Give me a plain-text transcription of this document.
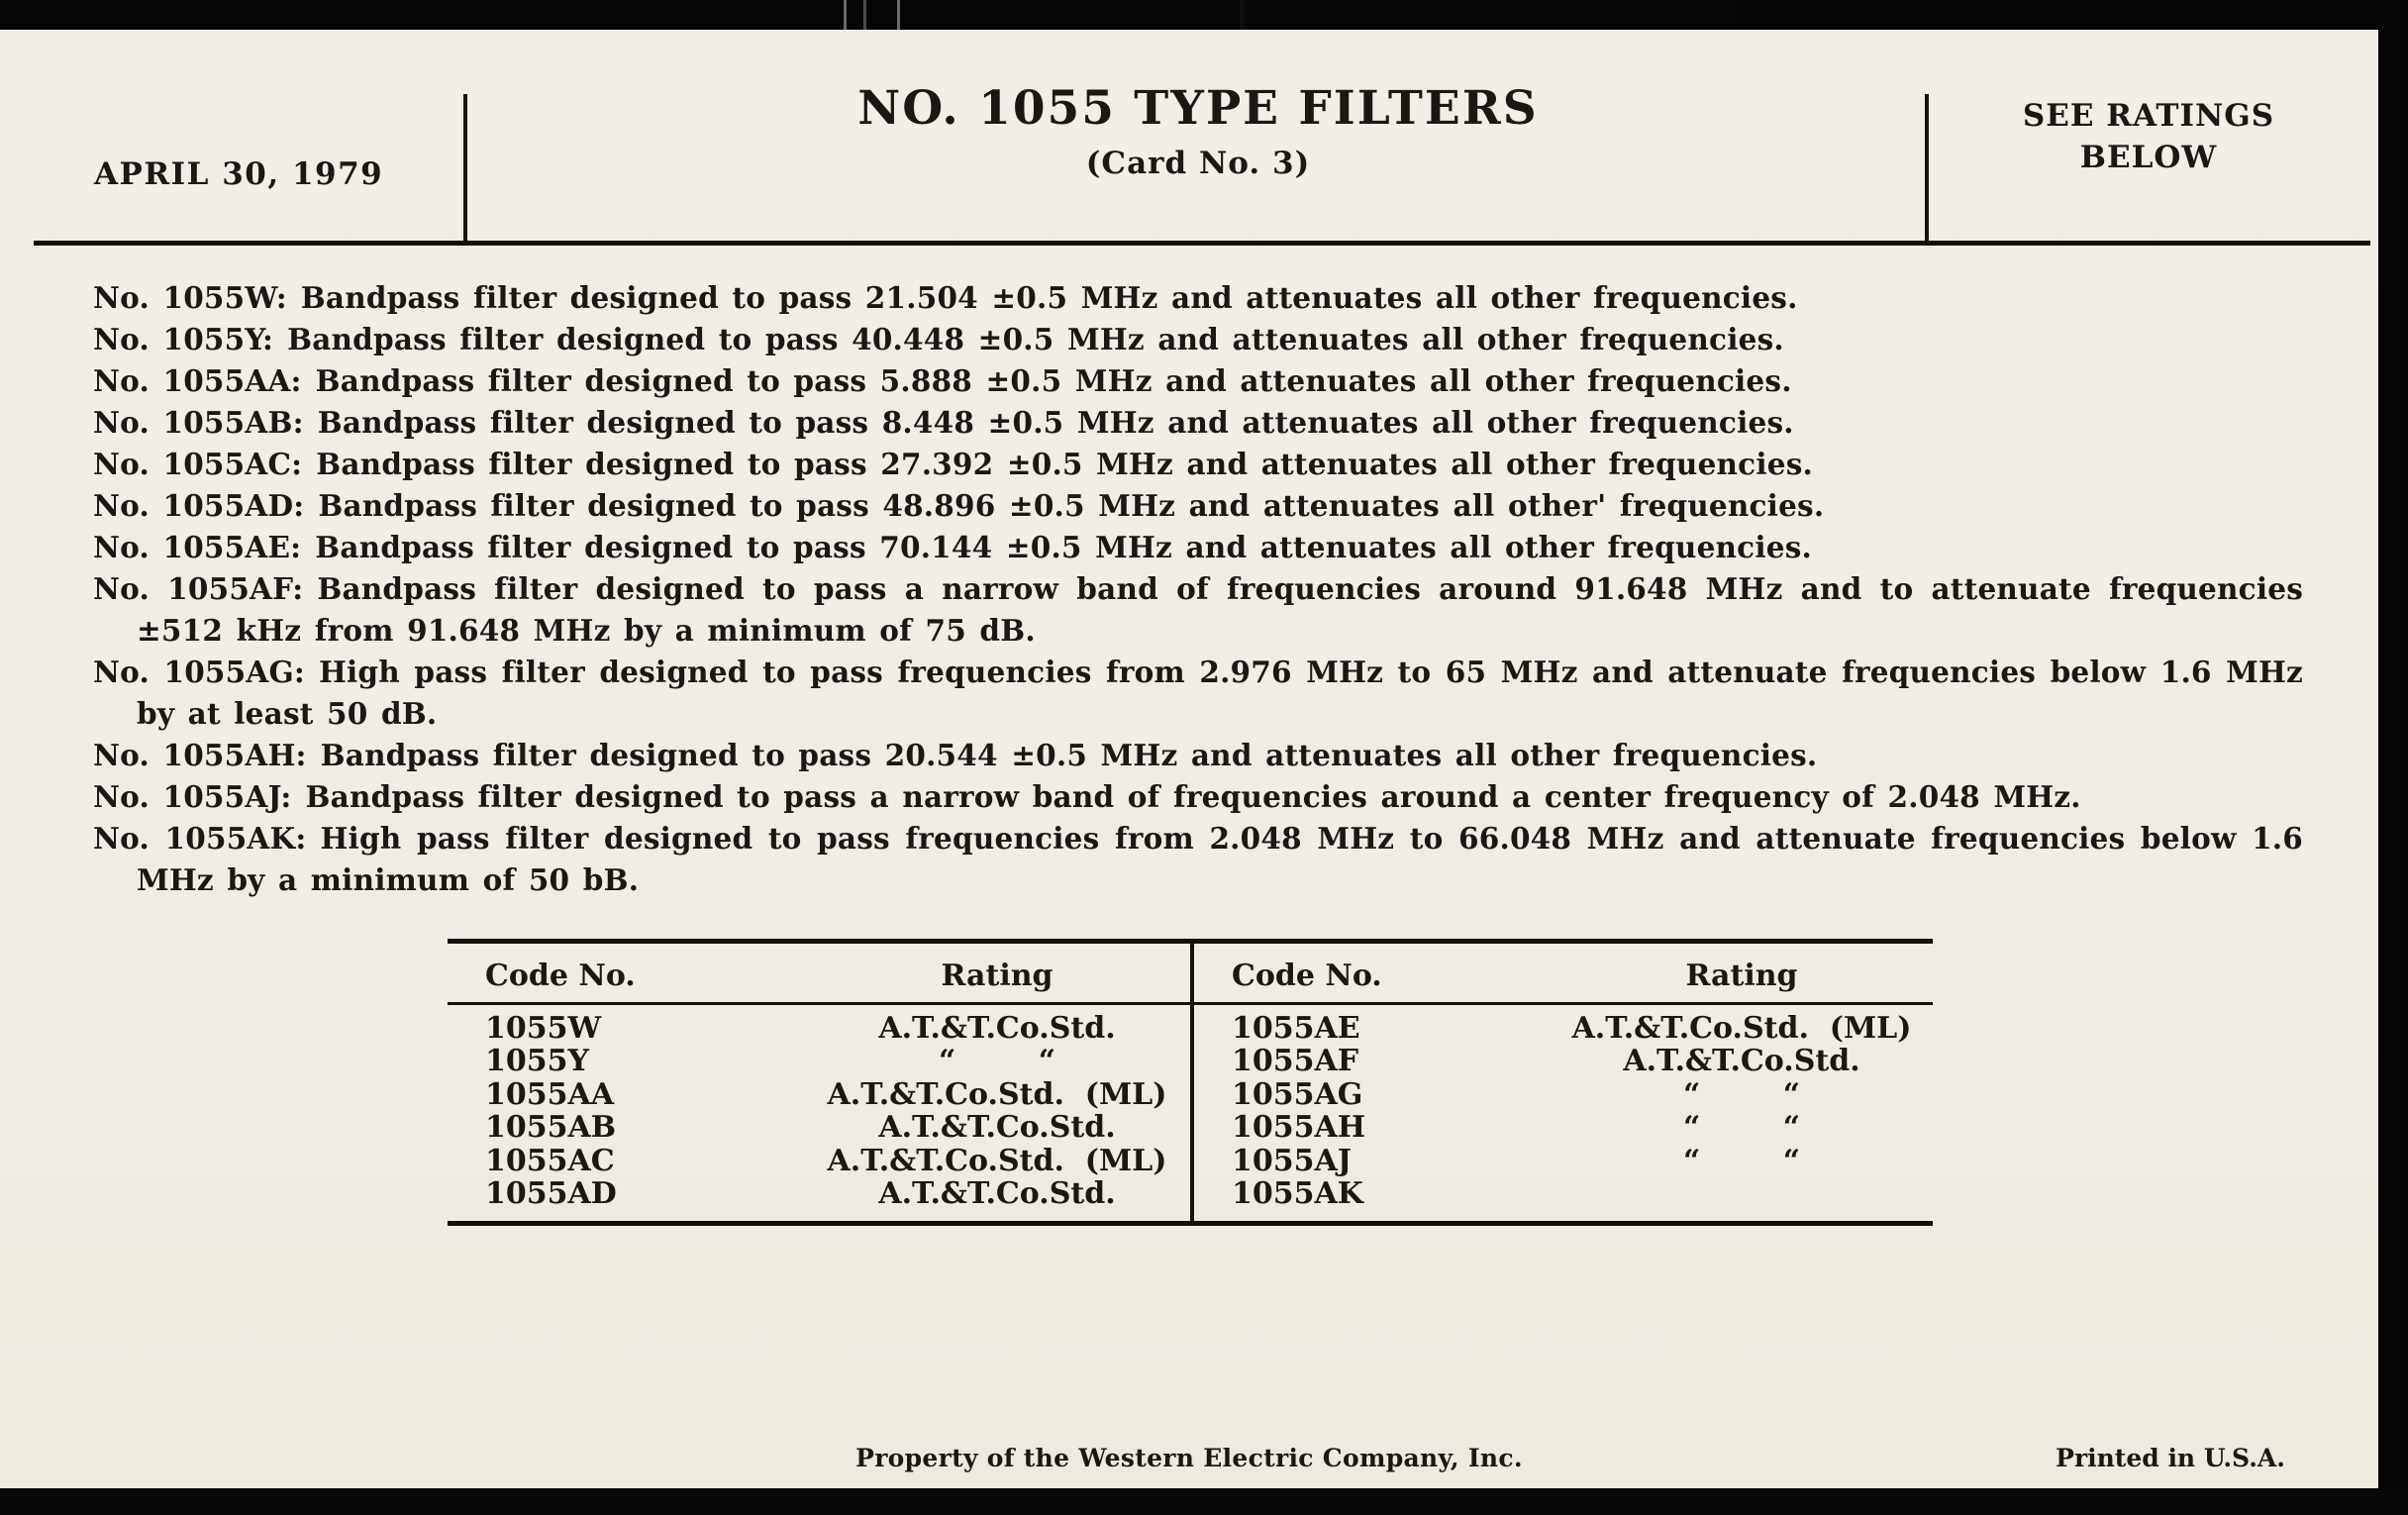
APRIL 30, 1979
NO. 1055 TYPE FILTERS
(Card No. 3)
SEE RATINGS
BELOW

No. 1055W: Bandpass filter designed to pass 21.504 ±0.5 MHz and attenuates all other frequencies.

No. 1055Y: Bandpass filter designed to pass 40.448 ±0.5 MHz and attenuates all other frequencies.

No. 1055AA: Bandpass filter designed to pass 5.888 ±0.5 MHz and attenuates all other frequencies.

No. 1055AB: Bandpass filter designed to pass 8.448 ±0.5 MHz and attenuates all other frequencies.

No. 1055AC: Bandpass filter designed to pass 27.392 ±0.5 MHz and attenuates all other frequencies.

No. 1055AD: Bandpass filter designed to pass 48.896 ±0.5 MHz and attenuates all other' frequencies.

No. 1055AE: Bandpass filter designed to pass 70.144 ±0.5 MHz and attenuates all other frequencies.

No. 1055AF: Bandpass filter designed to pass a narrow band of frequencies around 91.648 MHz and to attenuate frequencies ±512 kHz from 91.648 MHz by a minimum of 75 dB.

No. 1055AG: High pass filter designed to pass frequencies from 2.976 MHz to 65 MHz and attenuate frequencies below 1.6 MHz by at least 50 dB.

No. 1055AH: Bandpass filter designed to pass 20.544 ±0.5 MHz and attenuates all other frequencies.

No. 1055AJ: Bandpass filter designed to pass a narrow band of frequencies around a center frequency of 2.048 MHz.

No. 1055AK: High pass filter designed to pass frequencies from 2.048 MHz to 66.048 MHz and attenuate frequencies below 1.6 MHz by a minimum of 50 bB.

Code No.	Rating
1055W	A.T.&T.Co.Std.
1055Y	“        “
1055AA	A.T.&T.Co.Std.  (ML)
1055AB	A.T.&T.Co.Std.
1055AC	A.T.&T.Co.Std.  (ML)
1055AD	A.T.&T.Co.Std.
Code No.	Rating
1055AE	A.T.&T.Co.Std.  (ML)
1055AF	A.T.&T.Co.Std.
1055AG	“        “
1055AH	“        “
1055AJ	“        “
1055AK
Property of the Western Electric Company, Inc.	Printed in U.S.A.
